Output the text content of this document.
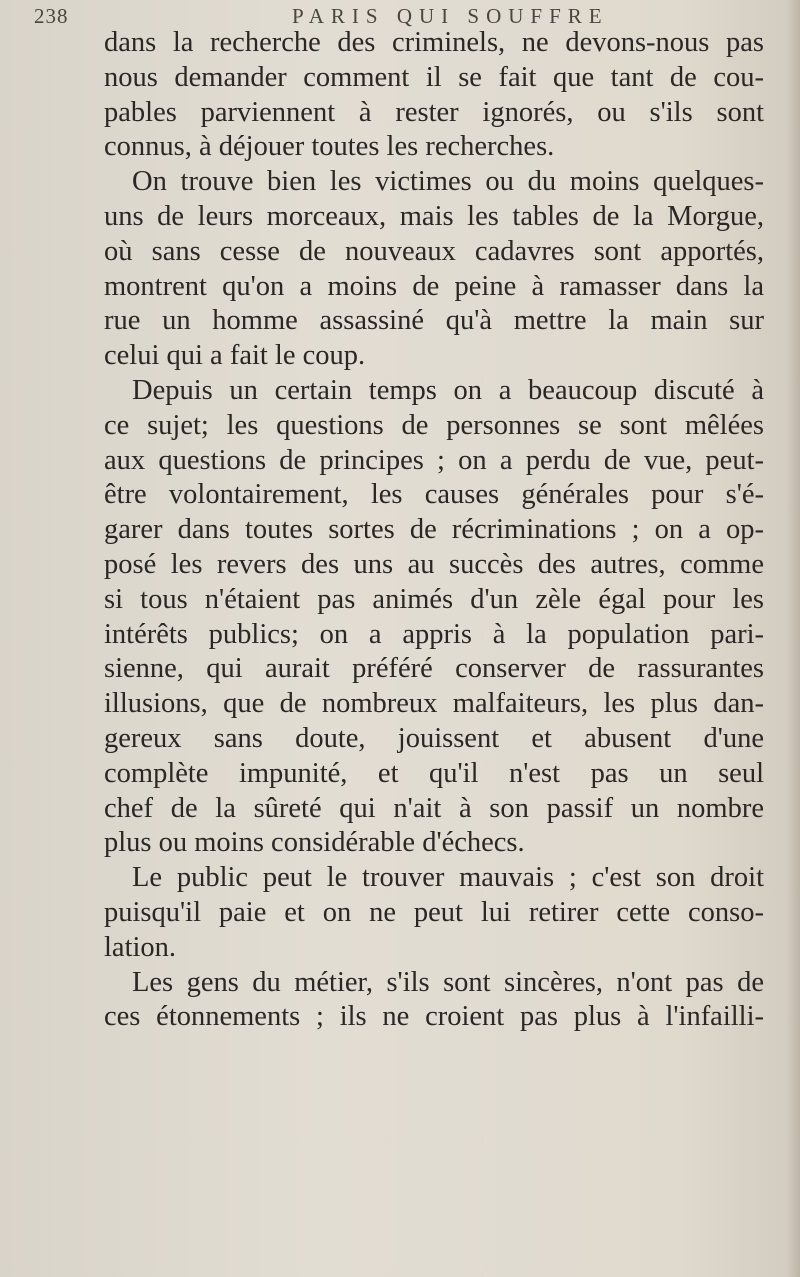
238	PARIS QUI SOUFFRE
dans la recherche des criminels, ne devons-nous pas
nous demander comment il se fait que tant de cou-
pables parviennent à rester ignorés, ou s'ils sont
connus, à déjouer toutes les recherches.
On trouve bien les victimes ou du moins quelques-
uns de leurs morceaux, mais les tables de la Morgue,
où sans cesse de nouveaux cadavres sont apportés,
montrent qu'on a moins de peine à ramasser dans la
rue un homme assassiné qu'à mettre la main sur
celui qui a fait le coup.
Depuis un certain temps on a beaucoup discuté à
ce sujet; les questions de personnes se sont mêlées
aux questions de principes ; on a perdu de vue, peut-
être volontairement, les causes générales pour s'é-
garer dans toutes sortes de récriminations ; on a op-
posé les revers des uns au succès des autres, comme
si tous n'étaient pas animés d'un zèle égal pour les
intérêts publics; on a appris à la population pari-
sienne, qui aurait préféré conserver de rassurantes
illusions, que de nombreux malfaiteurs, les plus dan-
gereux sans doute, jouissent et abusent d'une
complète impunité, et qu'il n'est pas un seul
chef de la sûreté qui n'ait à son passif un nombre
plus ou moins considérable d'échecs.
Le public peut le trouver mauvais ; c'est son droit
puisqu'il paie et on ne peut lui retirer cette conso-
lation.
Les gens du métier, s'ils sont sincères, n'ont pas de
ces étonnements ; ils ne croient pas plus à l'infailli-
